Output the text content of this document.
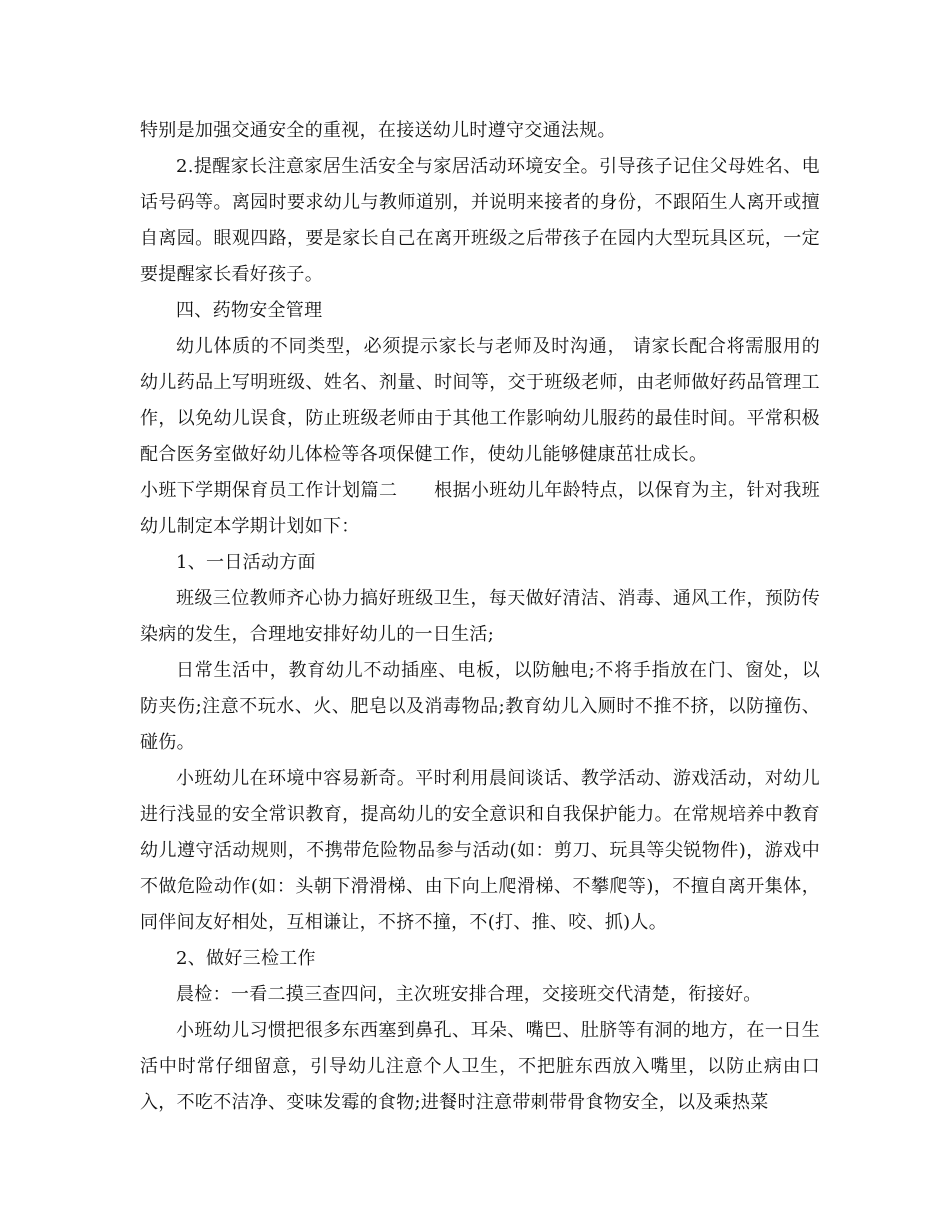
特别是加强交通安全的重视，在接送幼儿时遵守交通法规。

2.提醒家长注意家居生活安全与家居活动环境安全。引导孩子记住父母姓名、电话号码等。离园时要求幼儿与教师道别，并说明来接者的身份，不跟陌生人离开或擅自离园。眼观四路，要是家长自己在离开班级之后带孩子在园内大型玩具区玩，一定要提醒家长看好孩子。

四、药物安全管理

幼儿体质的不同类型，必须提示家长与老师及时沟通， 请家长配合将需服用的幼儿药品上写明班级、姓名、剂量、时间等，交于班级老师，由老师做好药品管理工作，以免幼儿误食，防止班级老师由于其他工作影响幼儿服药的最佳时间。平常积极配合医务室做好幼儿体检等各项保健工作，使幼儿能够健康茁壮成长。

小班下学期保育员工作计划篇二　　根据小班幼儿年龄特点，以保育为主，针对我班幼儿制定本学期计划如下：

1、一日活动方面

班级三位教师齐心协力搞好班级卫生，每天做好清洁、消毒、通风工作，预防传染病的发生，合理地安排好幼儿的一日生活;

日常生活中，教育幼儿不动插座、电板，以防触电;不将手指放在门、窗处，以防夹伤;注意不玩水、火、肥皂以及消毒物品;教育幼儿入厕时不推不挤，以防撞伤、碰伤。

小班幼儿在环境中容易新奇。平时利用晨间谈话、教学活动、游戏活动，对幼儿进行浅显的安全常识教育，提高幼儿的安全意识和自我保护能力。在常规培养中教育幼儿遵守活动规则，不携带危险物品参与活动(如：剪刀、玩具等尖锐物件)，游戏中不做危险动作(如：头朝下滑滑梯、由下向上爬滑梯、不攀爬等)，不擅自离开集体，同伴间友好相处，互相谦让，不挤不撞，不(打、推、咬、抓)人。

2、做好三检工作

晨检：一看二摸三查四问，主次班安排合理，交接班交代清楚，衔接好。

小班幼儿习惯把很多东西塞到鼻孔、耳朵、嘴巴、肚脐等有洞的地方，在一日生活中时常仔细留意，引导幼儿注意个人卫生，不把脏东西放入嘴里，以防止病由口入，不吃不洁净、变味发霉的食物;进餐时注意带刺带骨食物安全，以及乘热菜
